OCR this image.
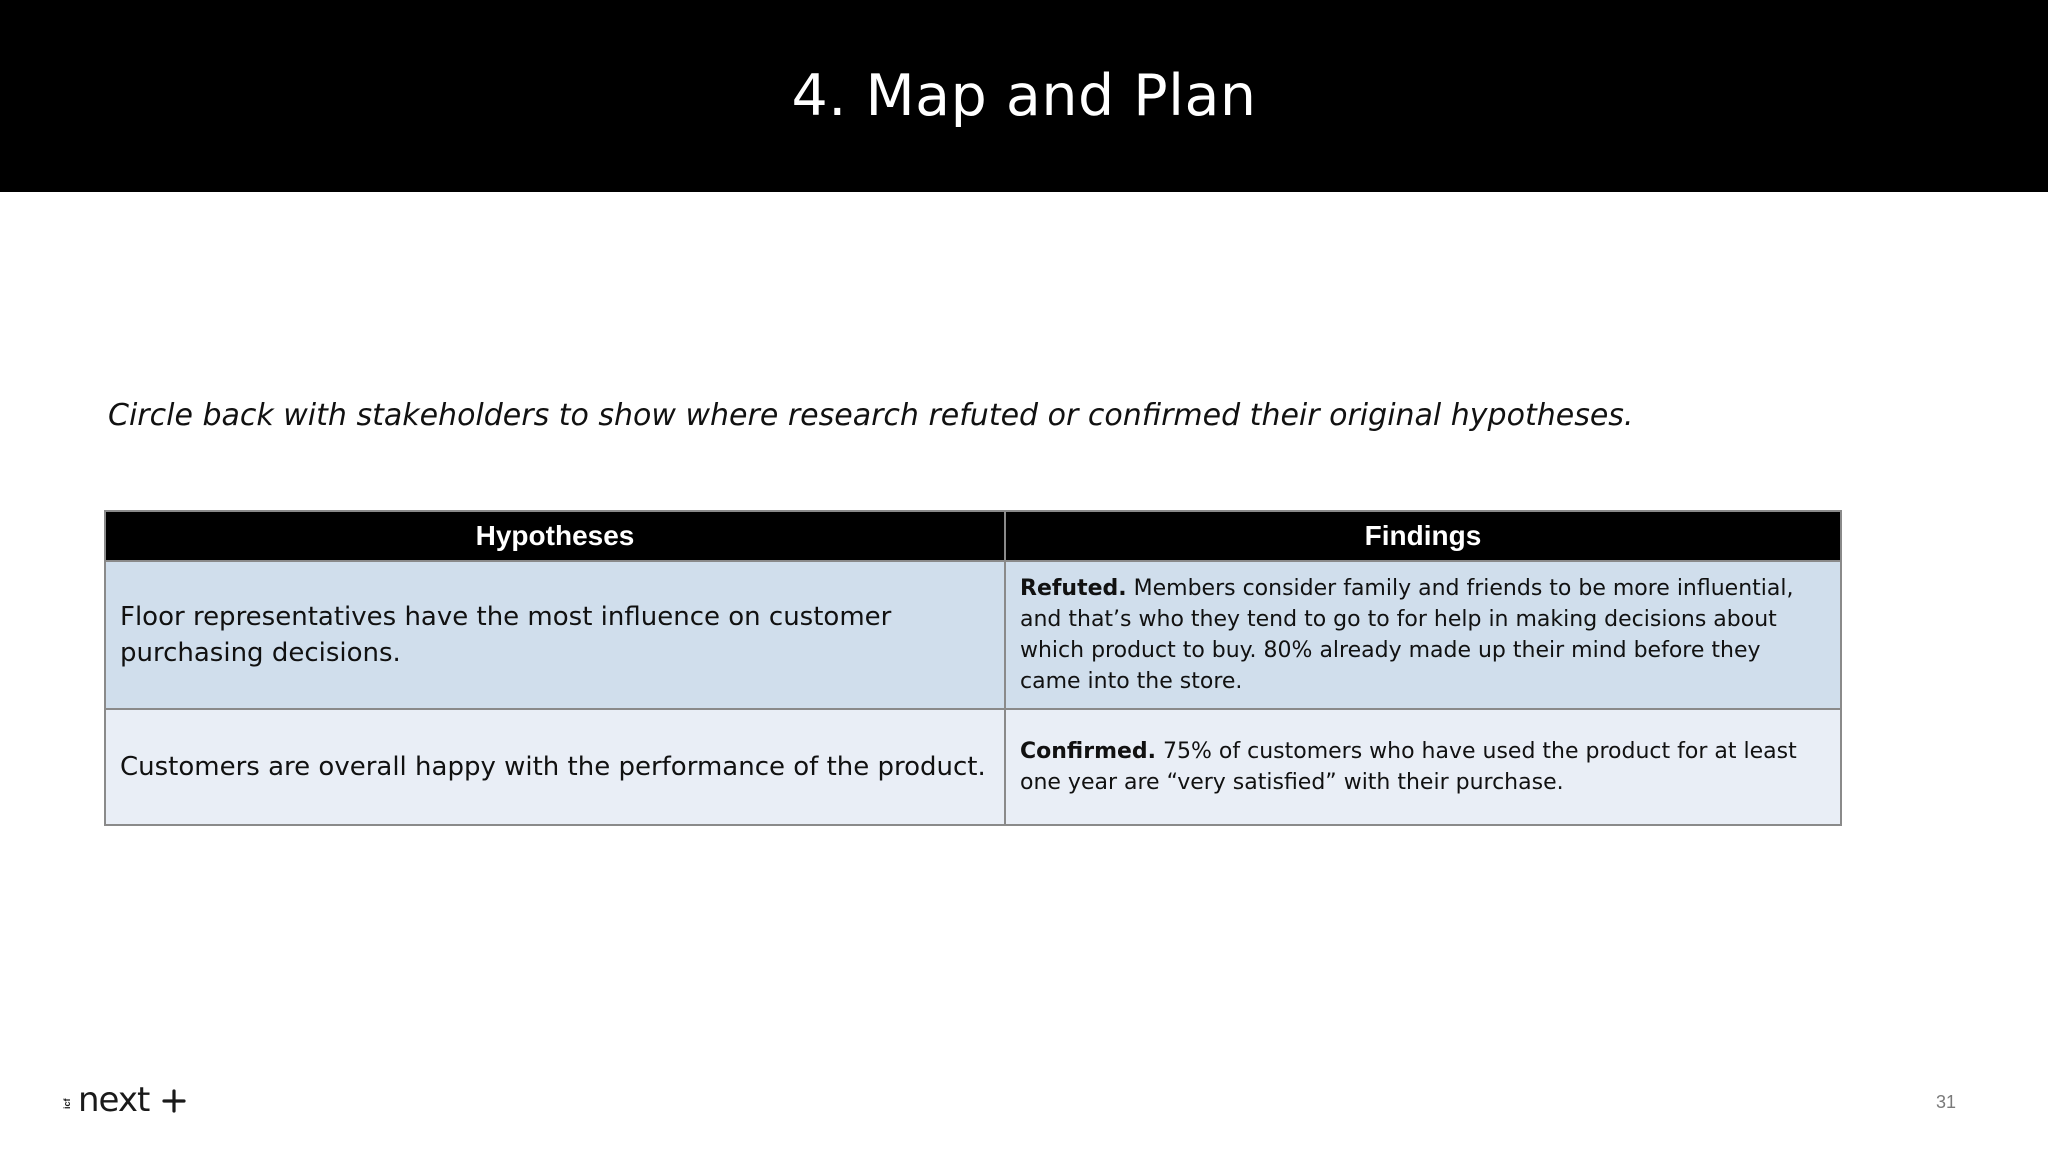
4. Map and Plan
Circle back with stakeholders to show where research refuted or confirmed their original hypotheses.
Hypotheses	Findings
Floor representatives have the most influence on customer purchasing decisions.	Refuted. Members consider family and friends to be more influential, and that’s who they tend to go to for help in making decisions about which product to buy. 80% already made up their mind before they came into the store.
Customers are overall happy with the performance of the product.	Confirmed. 75% of customers who have used the product for at least one year are “very satisfied” with their purchase.
icf next	31
